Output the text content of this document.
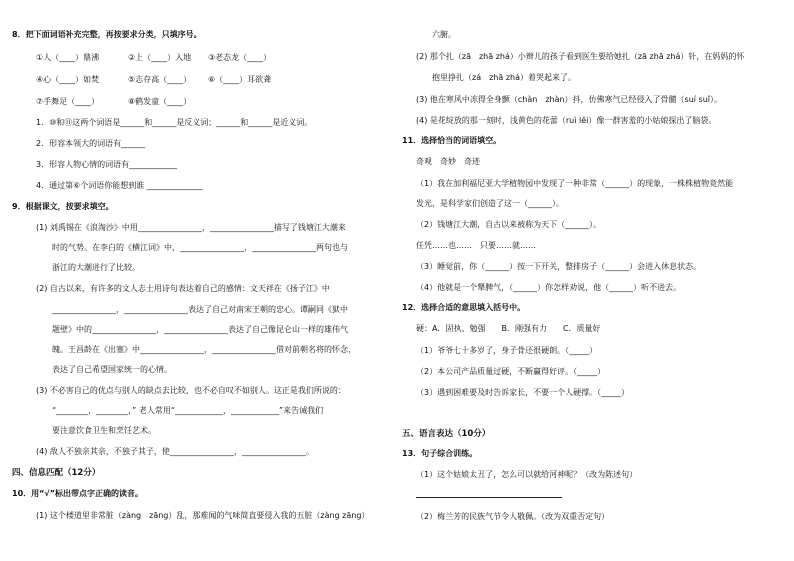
8．把下面词语补充完整，再按要求分类，只填序号。
①人（____）鼎沸	②上（____）入地 ③老态龙（____）
④心（____）如焚	⑤志存高（____） ⑥（____）耳欲聋
⑦手舞足（____）	⑧鹤发童（____）
1．⑩和⑪这两个词语是______和______是反义词；______和______是近义词。
2．形容本领大的词语有______
3．形容人物心情的词语有____________
4．通过第⑥个词语你能想到谁 ______________
9．根据课文，按要求填空。
(1) 刘禹锡在《浪淘沙》中用________________，________________描写了钱塘江大潮来
时的气势。在李白的《横江词》中，________________，________________两句也与
浙江的大潮进行了比较。
(2) 自古以来，有许多的文人志士用诗句表达着自己的感情：文天祥在《扬子江》中
________________，________________表达了自己对南宋王朝的忠心。谭嗣同《狱中
题壁》中的________________，________________表达了自己像昆仑山一样的雄伟气
魄。王昌龄在《出塞》中________________，________________借对前朝名将的怀念，
表达了自己希望国家统一的心情。
(3) 不必害自己的优点与别人的缺点去比较，也不必自叹不如别人。这正是我们所说的：
“________，________，” 老人常用“____________，____________”来告诫我们
要注意饮食卫生和烹饪艺术。
(4) 敌人不独亲其亲，不独子其子，使________________，________________。
四、信息匹配（12分）
10．用“√”标出带点字正确的读音。
(1) 这个楼道里非常脏（zàng　zāng）乱，那难闻的气味简直要侵入我的五脏（zàng zāng）
六腑。
(2) 那个扎（zā　zhā zhá）小辫儿的孩子看到医生要给她扎（zā zhā zhá）针，在妈妈的怀
抱里挣扎（zá　zhā zhá）着哭起来了。
(3) 他在寒风中冻得全身颤（chàn　zhàn）抖，仿佛寒气已经侵入了骨髓（suí suǐ）。
(4) 是花绽放的那一刻时，浅黄色的花蕾（ruì lěi）像一群害羞的小姑娘探出了脑袋。
11．选择恰当的词语填空。
奇观　奇妙　奇迹
（1）我在加利福尼亚大学植物园中发现了一种非常（______）的现象，一株株植物竟然能
发光，是科学家们创造了这一（______）。
（2）钱塘江大潮，自古以来被称为天下（______）。
任凭……也……　只要……就……
（3）睡觉前，你（______）按一下开关，整排房子（______）会进入休息状态。
（4）他就是一个犟脾气，（______）你怎样劝说，他（______）听不进去。
12．选择合适的意思填入括号中。
硬：A．固执、勉强　　B．刚强有力　　C．质量好
（1）爷爷七十多岁了，身子骨还很硬朗。（_____）
（2）本公司产品质量过硬，不断赢得好评。（_____）
（3）遇到困难要及时告诉家长，不要一个人硬撑。（_____）
五、语言表达（10分）
13．句子综合训练。
（1）这个姑娘太丑了，怎么可以就给河神呢？（改为陈述句）
（2）梅兰芳的民族气节令人敬佩。（改为双重否定句）
